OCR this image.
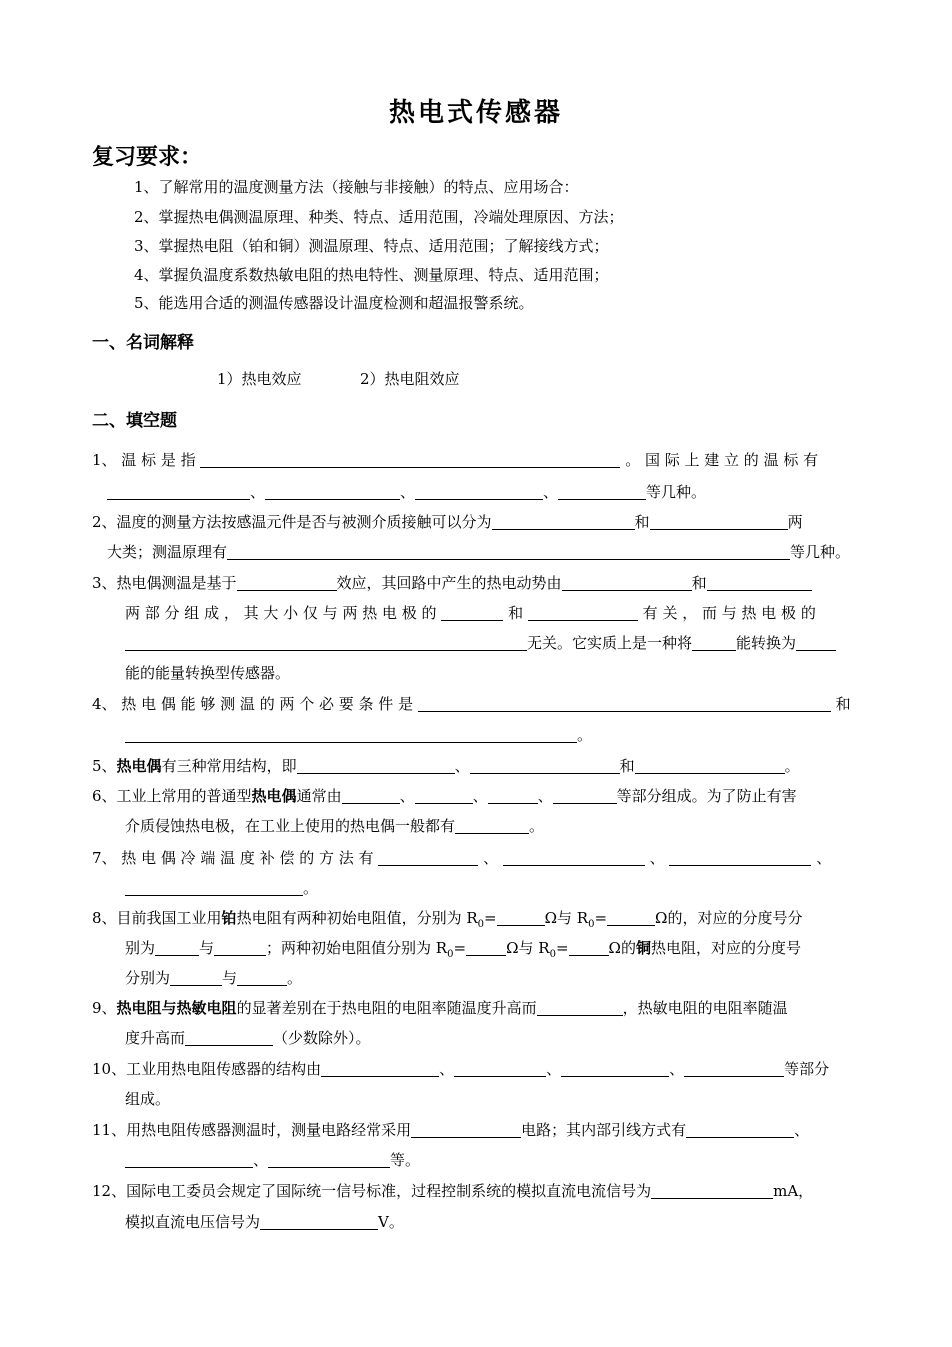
热电式传感器
复习要求：
1、了解常用的温度测量方法（接触与非接触）的特点、应用场合：
2、掌握热电偶测温原理、种类、特点、适用范围，冷端处理原因、方法；
3、掌握热电阻（铂和铜）测温原理、特点、适用范围；了解接线方式；
4、掌握负温度系数热敏电阻的热电特性、测量原理、特点、适用范围；
5、能选用合适的测温传感器设计温度检测和超温报警系统。
一、名词解释
1）热电效应	2）热电阻效应
二、填空题
1、 温 标 是 指	。 国 际 上 建 立 的 温 标 有
、	、	、	等几种。
2、温度的测量方法按感温元件是否与被测介质接触可以分为	和	两
大类；测温原理有	等几种。
3、热电偶测温是基于	效应，其回路中产生的热电动势由	和
两 部 分 组 成 ， 其 大 小 仅 与 两 热 电 极 的	和	有 关 ， 而 与 热 电 极 的
无关。它实质上是一种将	能转换为
能的能量转换型传感器。
4、 热 电 偶 能 够 测 温 的 两 个 必 要 条 件 是	和
。
5、热电偶有三种常用结构，即	、	和	。
6、工业上常用的普通型热电偶通常由	、	、	、	等部分组成。为了防止有害
介质侵蚀热电极，在工业上使用的热电偶一般都有	。
7、 热 电 偶 冷 端 温 度 补 偿 的 方 法 有	、	、	、
。
8、目前我国工业用铂热电阻有两种初始电阻值，分别为 $R_0=$	Ω与 $R_0=$	Ω的，对应的分度号分
别为	与	；两种初始电阻值分别为 $R_0=$	Ω与 $R_0=$	Ω的铜热电阻，对应的分度号
分别为	与	。
9、热电阻与热敏电阻的显著差别在于热电阻的电阻率随温度升高而	，热敏电阻的电阻率随温
度升高而	（少数除外）。
10、工业用热电阻传感器的结构由	、	、	、	等部分
组成。
11、用热电阻传感器测温时，测量电路经常采用	电路；其内部引线方式有	、
、	等。
12、国际电工委员会规定了国际统一信号标准，过程控制系统的模拟直流电流信号为	mA，
模拟直流电压信号为	V。
